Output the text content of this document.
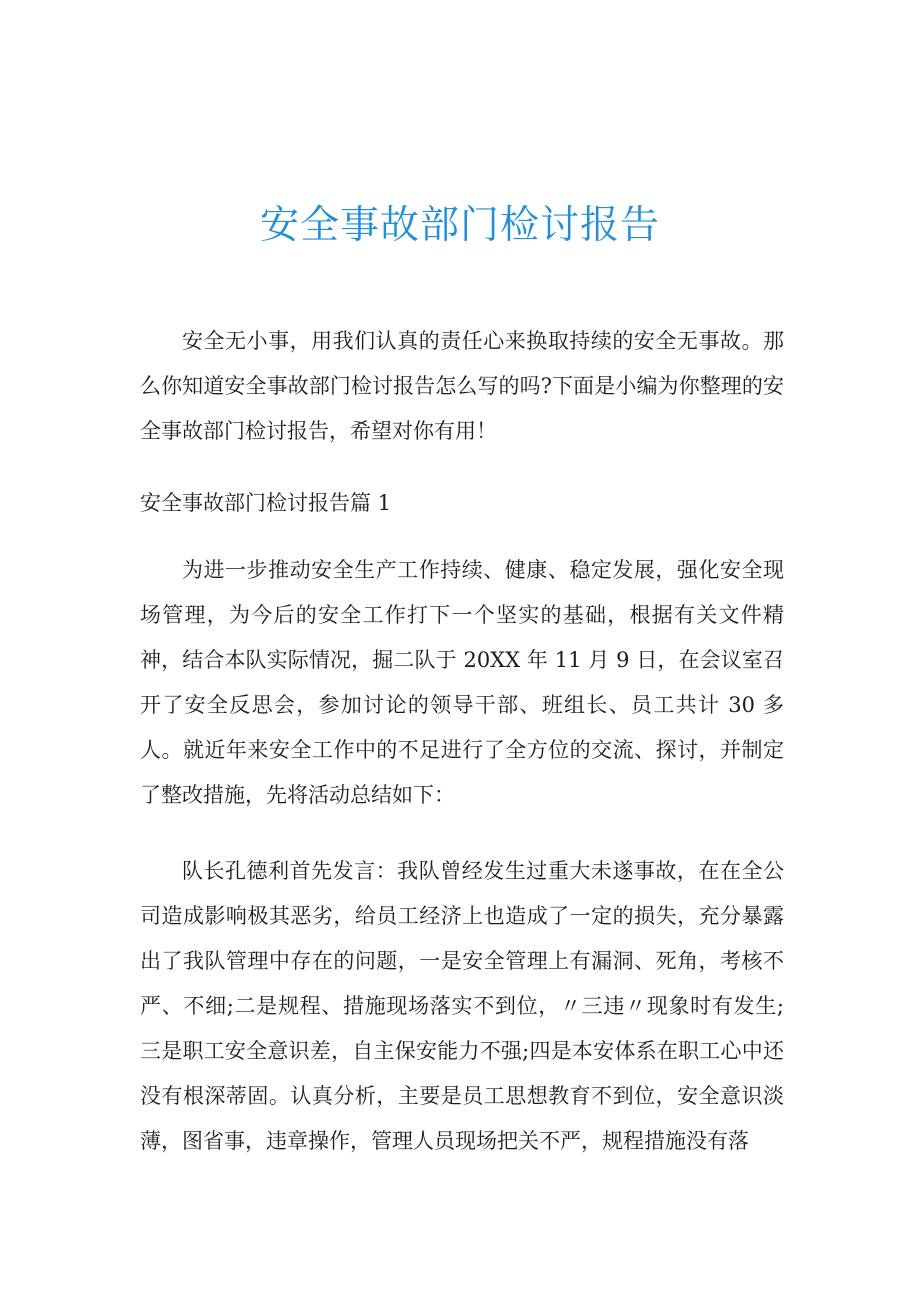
安全事故部门检讨报告

安全无小事，用我们认真的责任心来换取持续的安全无事故。那么你知道安全事故部门检讨报告怎么写的吗?下面是小编为你整理的安全事故部门检讨报告，希望对你有用！

安全事故部门检讨报告篇 1

为进一步推动安全生产工作持续、健康、稳定发展，强化安全现场管理，为今后的安全工作打下一个坚实的基础，根据有关文件精神，结合本队实际情况，掘二队于 20XX 年 11 月 9 日，在会议室召开了安全反思会，参加讨论的领导干部、班组长、员工共计 30 多人。就近年来安全工作中的不足进行了全方位的交流、探讨，并制定了整改措施，先将活动总结如下：

队长孔德利首先发言：我队曾经发生过重大未遂事故，在在全公司造成影响极其恶劣，给员工经济上也造成了一定的损失，充分暴露出了我队管理中存在的问题，一是安全管理上有漏洞、死角，考核不严、不细;二是规程、措施现场落实不到位，〃三违〃现象时有发生;三是职工安全意识差，自主保安能力不强;四是本安体系在职工心中还没有根深蒂固。认真分析，主要是员工思想教育不到位，安全意识淡薄，图省事，违章操作，管理人员现场把关不严，规程措施没有落
